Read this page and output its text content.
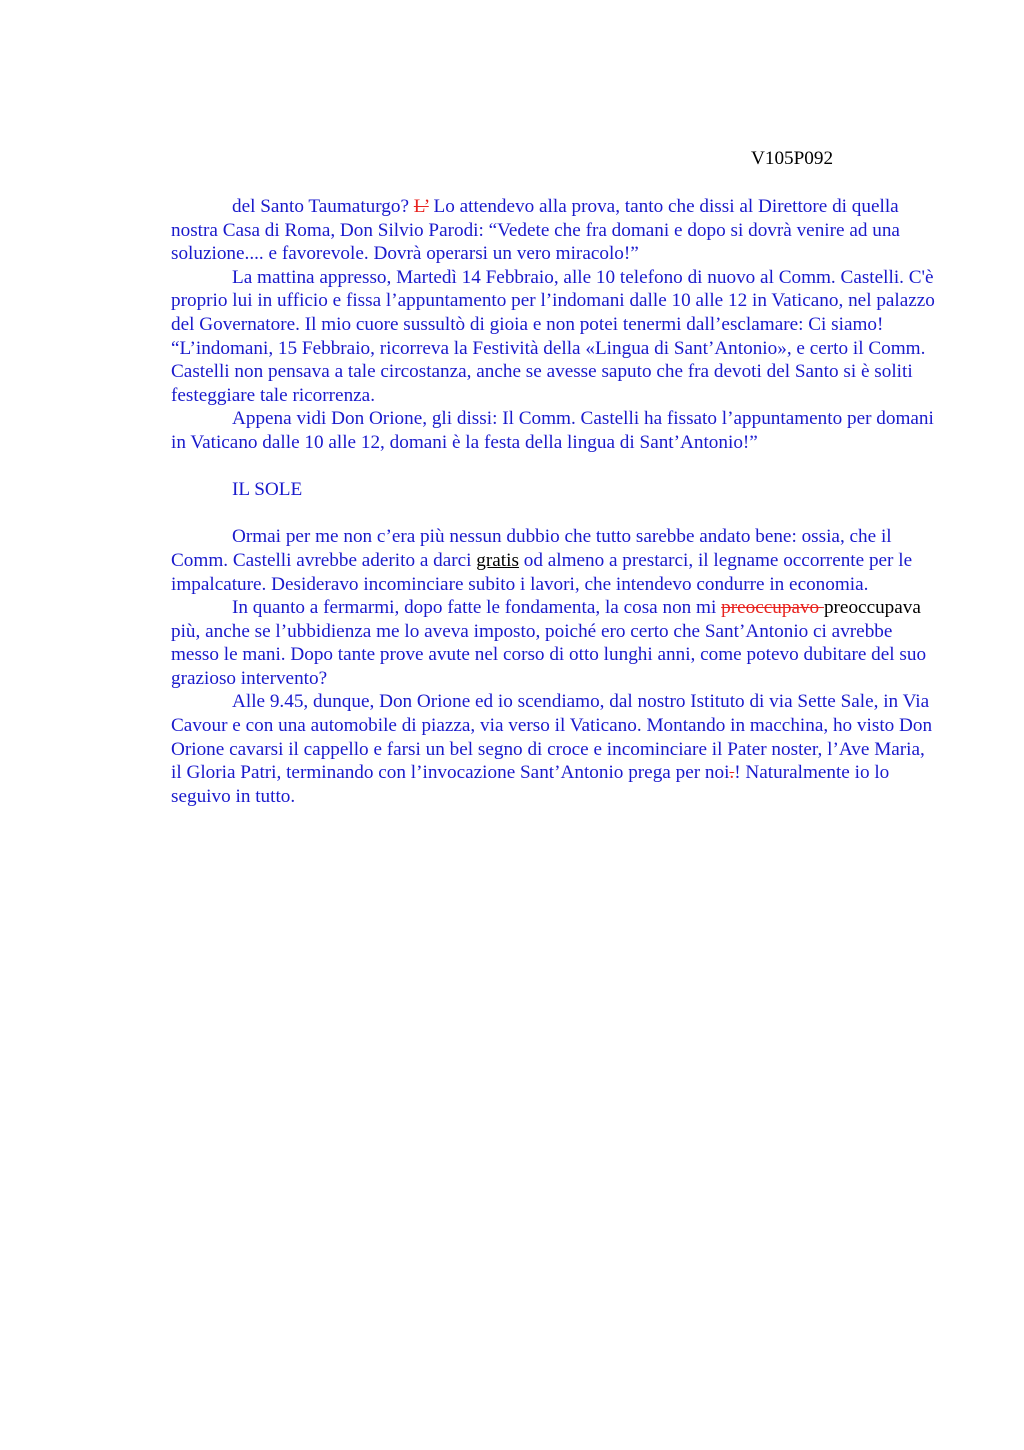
V105P092

del Santo Taumaturgo? L’ Lo attendevo alla prova, tanto che dissi al Direttore di quella nostra Casa di Roma, Don Silvio Parodi: “Vedete che fra domani e dopo si dovrà venire ad una soluzione.... e favorevole. Dovrà operarsi un vero miracolo!”

La mattina appresso, Martedì 14 Febbraio, alle 10 telefono di nuovo al Comm. Castelli. C'è proprio lui in ufficio e fissa l’appuntamento per l’indomani dalle 10 alle 12 in Vaticano, nel palazzo del Governatore. Il mio cuore sussultò di gioia e non potei tenermi dall’esclamare: Ci siamo! “L’indomani, 15 Febbraio, ricorreva la Festività della «Lingua di Sant’Antonio», e certo il Comm. Castelli non pensava a tale circostanza, anche se avesse saputo che fra devoti del Santo si è soliti festeggiare tale ricorrenza.

Appena vidi Don Orione, gli dissi: Il Comm. Castelli ha fissato l’appuntamento per domani in Vaticano dalle 10 alle 12, domani è la festa della lingua di Sant’Antonio!”

IL SOLE

Ormai per me non c’era più nessun dubbio che tutto sarebbe andato bene: ossia, che il Comm. Castelli avrebbe aderito a darci gratis od almeno a prestarci, il legname occorrente per le impalcature. Desideravo incominciare subito i lavori, che intendevo condurre in economia.

In quanto a fermarmi, dopo fatte le fondamenta, la cosa non mi preoccupavo preoccupava più, anche se l’ubbidienza me lo aveva imposto, poiché ero certo che Sant’Antonio ci avrebbe messo le mani. Dopo tante prove avute nel corso di otto lunghi anni, come potevo dubitare del suo grazioso intervento?

Alle 9.45, dunque, Don Orione ed io scendiamo, dal nostro Istituto di via Sette Sale, in Via Cavour e con una automobile di piazza, via verso il Vaticano. Montando in macchina, ho visto Don Orione cavarsi il cappello e farsi un bel segno di croce e incominciare il Pater noster, l’Ave Maria, il Gloria Patri, terminando con l’invocazione Sant’Antonio prega per noi.! Naturalmente io lo seguivo in tutto.
